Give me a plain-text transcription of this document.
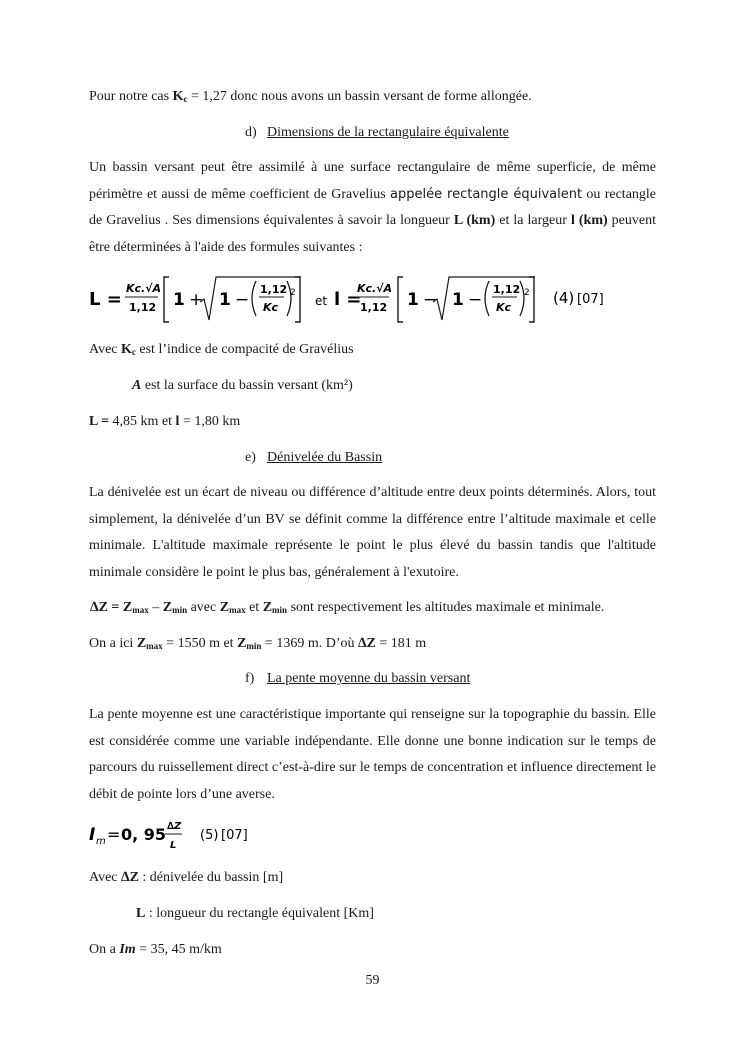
Pour notre cas $K_c = 1,27$ donc nous avons un bassin versant de forme allongée.
d) Dimensions de la rectangulaire équivalente
Un bassin versant peut être assimilé à une surface rectangulaire de même superficie, de même périmètre et aussi de même coefficient de Gravelius appelée rectangle équivalent ou rectangle de Gravelius . Ses dimensions équivalentes à savoir la longueur L (km) et la largeur l (km) peuvent être déterminées à l'aide des formules suivantes :
L =
Kc.√A
1,12 1 + 1 −
1,12
Kc
2
et l =
Kc.√A
1,12 1 − 1 −
1,12
Kc
2 (4) [07]
Avec $K_c$ est l’indice de compacité de Gravélius
A est la surface du bassin versant (km²)
L = 4,85 km et l = 1,80 km
e) Dénivelée du Bassin
La dénivelée est un écart de niveau ou différence d’altitude entre deux points déterminés. Alors, tout simplement, la dénivelée d’un BV se définit comme la différence entre l’altitude maximale et celle minimale. L'altitude maximale représente le point le plus élevé du bassin tandis que l'altitude minimale considère le point le plus bas, généralement à l'exutoire.
$\Delta Z = Z_{max} - Z_{min}$ avec $Z_{max}$ et $Z_{min}$ sont respectivement les altitudes maximale et minimale.
On a ici $Z_{max} = 1550$ m et $Z_{min} = 1369$ m. D’où ∆Z = 181 m
f) La pente moyenne du bassin versant
La pente moyenne est une caractéristique importante qui renseigne sur la topographie du bassin. Elle est considérée comme une variable indépendante. Elle donne une bonne indication sur le temps de parcours du ruissellement direct c’est-à-dire sur le temps de concentration et influence directement le débit de pointe lors d’une averse.
I m = 0, 95 ∆Z
L
(5) [07]
Avec ∆Z : dénivelée du bassin [m]
L : longueur du rectangle équivalent [Km]
On a Im = 35, 45 m/km
59
